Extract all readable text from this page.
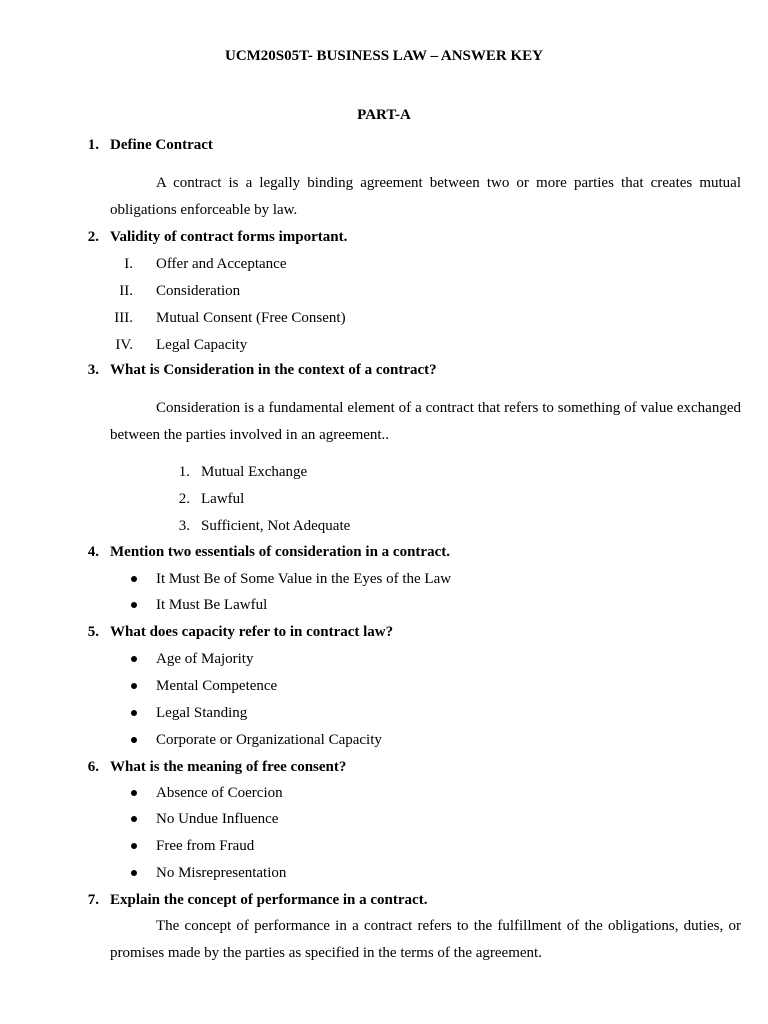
UCM20S05T- BUSINESS LAW – ANSWER KEY
PART-A
1. Define Contract
A contract is a legally binding agreement between two or more parties that creates mutual obligations enforceable by law.
2. Validity of contract forms important.
I. Offer and Acceptance
II. Consideration
III. Mutual Consent (Free Consent)
IV. Legal Capacity
3. What is Consideration in the context of a contract?
Consideration is a fundamental element of a contract that refers to something of value exchanged between the parties involved in an agreement..
1. Mutual Exchange
2. Lawful
3. Sufficient, Not Adequate
4. Mention two essentials of consideration in a contract.
It Must Be of Some Value in the Eyes of the Law
It Must Be Lawful
5. What does capacity refer to in contract law?
Age of Majority
Mental Competence
Legal Standing
Corporate or Organizational Capacity
6. What is the meaning of free consent?
Absence of Coercion
No Undue Influence
Free from Fraud
No Misrepresentation
7. Explain the concept of performance in a contract.
The concept of performance in a contract refers to the fulfillment of the obligations, duties, or promises made by the parties as specified in the terms of the agreement.
